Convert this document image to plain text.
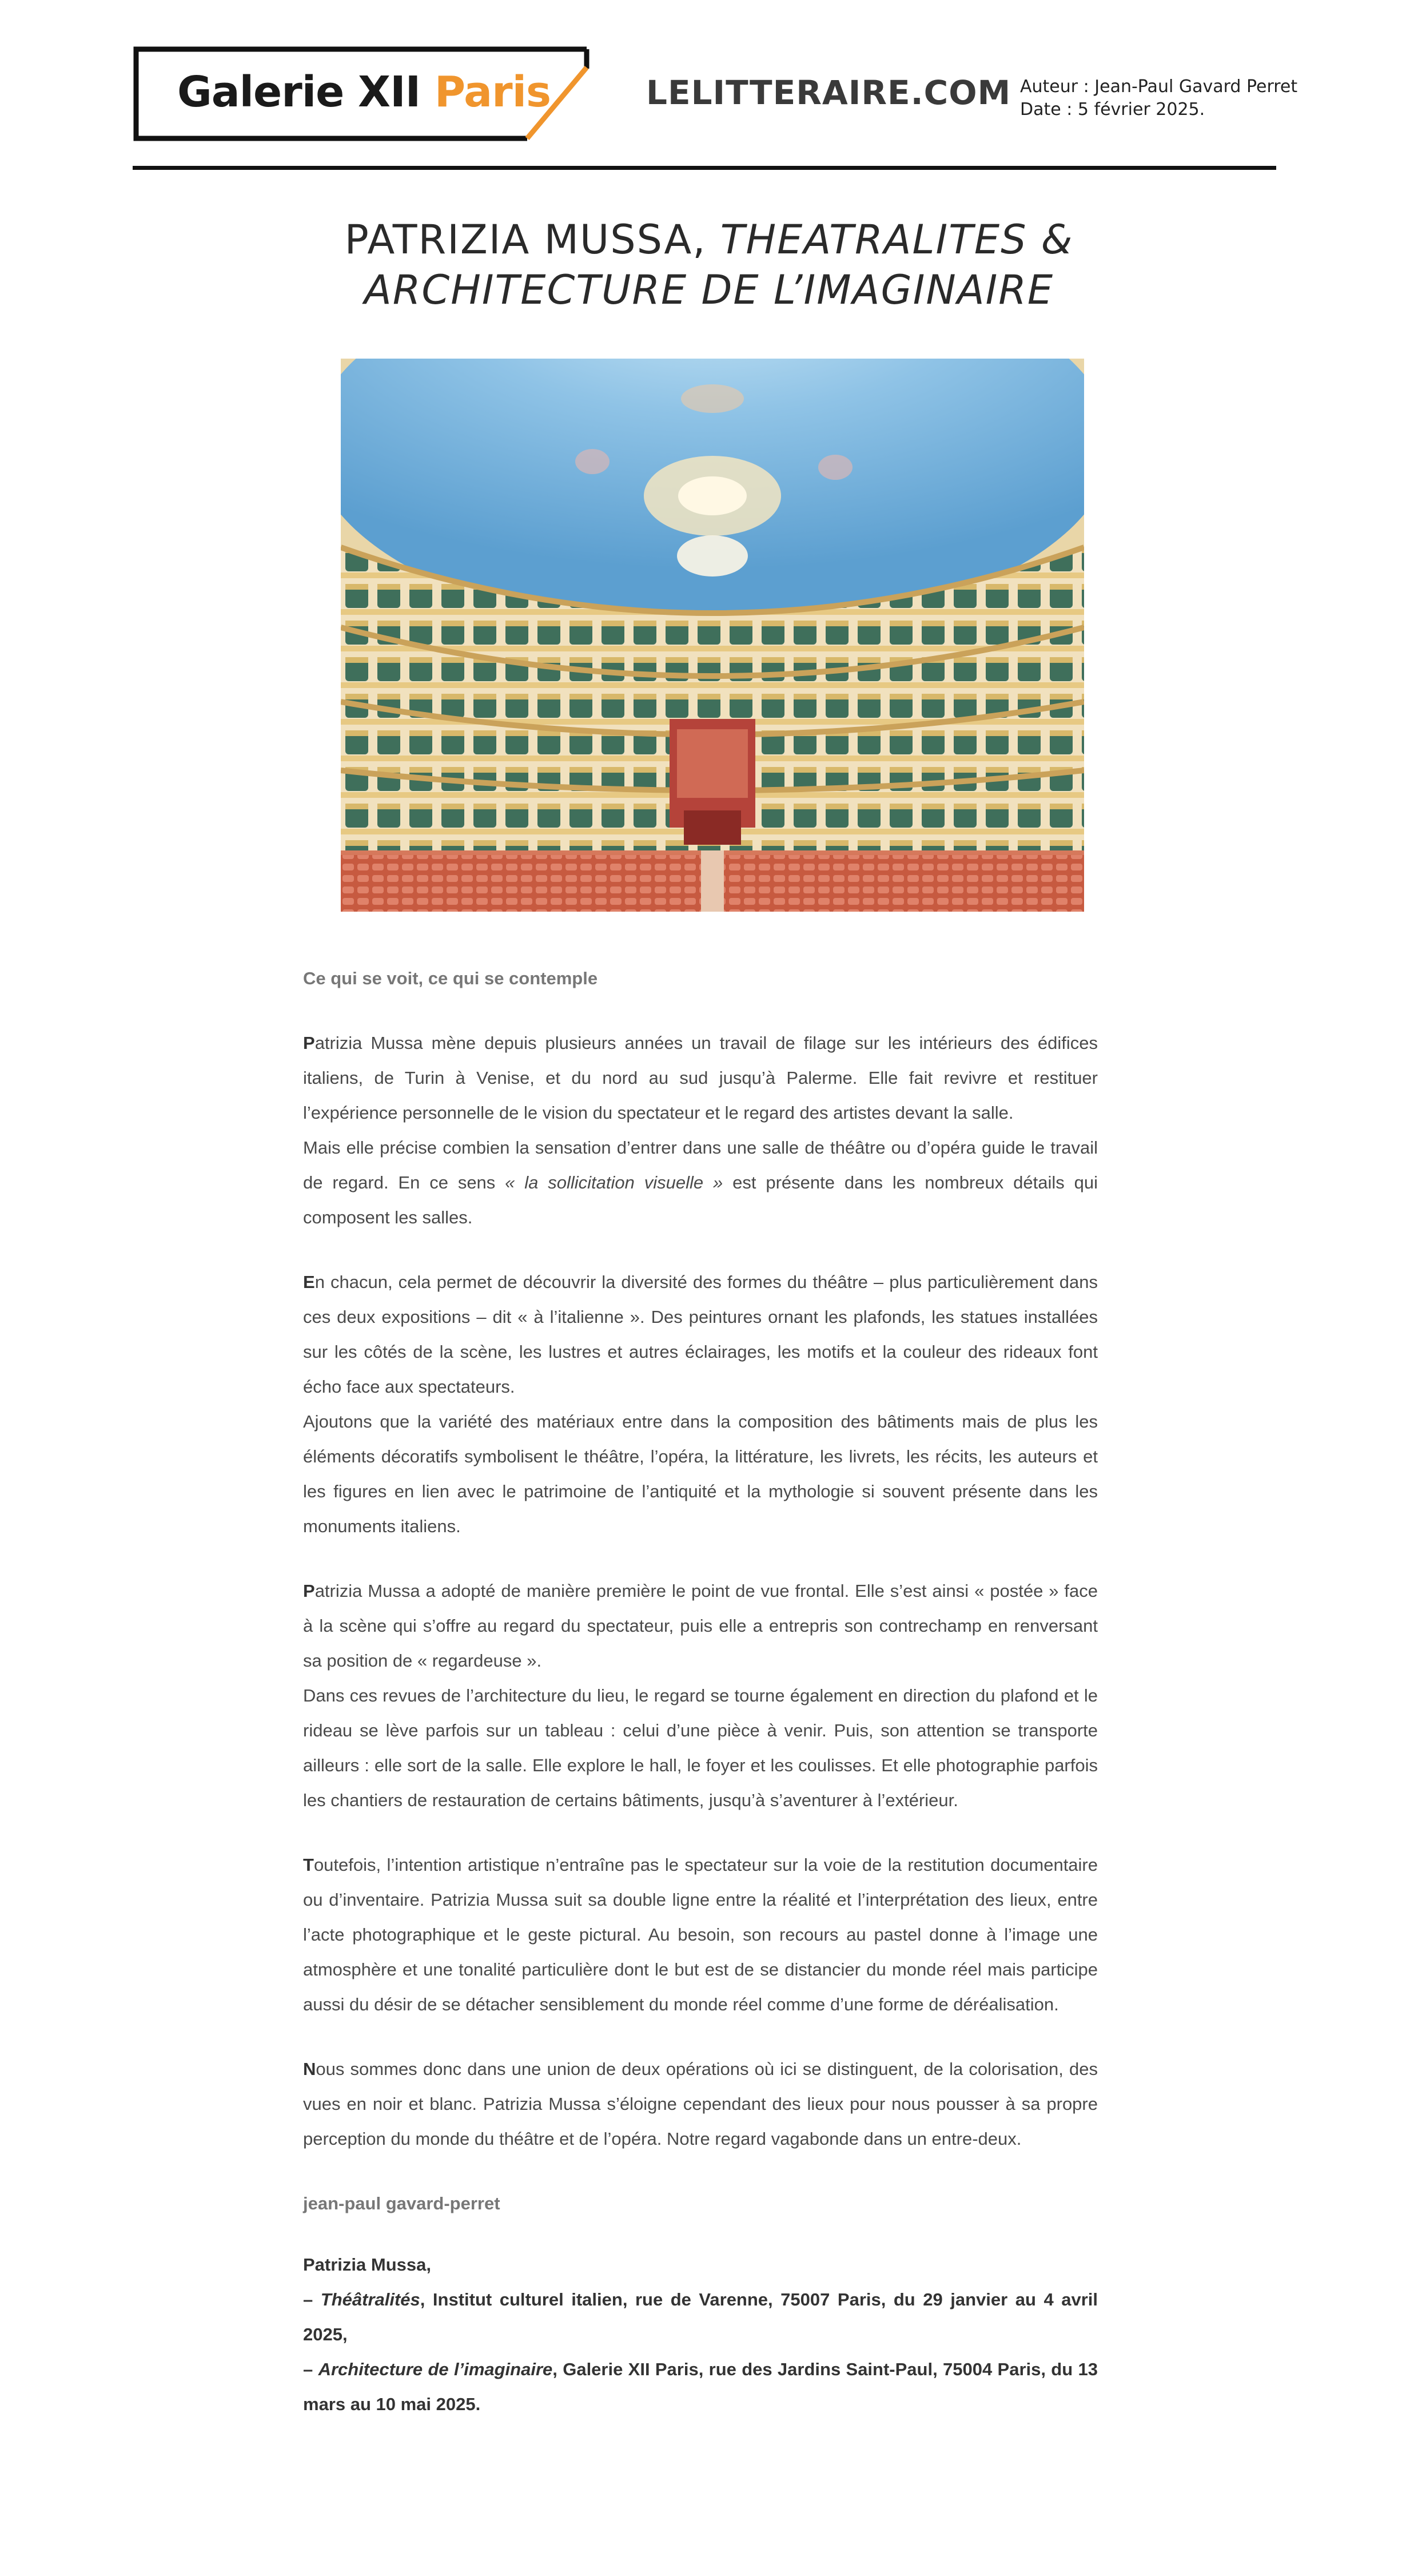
Galerie XII Paris	LELITTERAIRE.COM Auteur : Jean-Paul Gavard Perret
Date : 5 février 2025.
PATRIZIA MUSSA, THEATRALITES &
ARCHITECTURE DE L’IMAGINAIRE

Ce qui se voit, ce qui se contemple

Patrizia Mussa mène depuis plusieurs années un travail de filage sur les intérieurs des édifices italiens, de Turin à Venise, et du nord au sud jusqu’à Palerme. Elle fait revivre et restituer l’expérience personnelle de le vision du spectateur et le regard des artistes devant la salle.

Mais elle précise combien la sensation d’entrer dans une salle de théâtre ou d’opéra guide le travail de regard. En ce sens « la sollicitation visuelle » est présente dans les nombreux détails qui composent les salles.

En chacun, cela permet de découvrir la diversité des formes du théâtre – plus particulièrement dans ces deux expositions – dit « à l’italienne ». Des peintures ornant les plafonds, les statues installées sur les côtés de la scène, les lustres et autres éclairages, les motifs et la couleur des rideaux font écho face aux spectateurs.

Ajoutons que la variété des matériaux entre dans la composition des bâtiments mais de plus les éléments décoratifs symbolisent le théâtre, l’opéra, la littérature, les livrets, les récits, les auteurs et les figures en lien avec le patrimoine de l’antiquité et la mythologie si souvent présente dans les monuments italiens.

Patrizia Mussa a adopté de manière première le point de vue frontal. Elle s’est ainsi « postée » face à la scène qui s’offre au regard du spectateur, puis elle a entrepris son contrechamp en renversant sa position de « regardeuse ».

Dans ces revues de l’architecture du lieu, le regard se tourne également en direction du plafond et le rideau se lève parfois sur un tableau : celui d’une pièce à venir. Puis, son attention se transporte ailleurs : elle sort de la salle. Elle explore le hall, le foyer et les coulisses. Et elle photographie parfois les chantiers de restauration de certains bâtiments, jusqu’à s’aventurer à l’extérieur.

Toutefois, l’intention artistique n’entraîne pas le spectateur sur la voie de la restitution documentaire ou d’inventaire. Patrizia Mussa suit sa double ligne entre la réalité et l’interprétation des lieux, entre l’acte photographique et le geste pictural. Au besoin, son recours au pastel donne à l’image une atmosphère et une tonalité particulière dont le but est de se distancier du monde réel mais participe aussi du désir de se détacher sensiblement du monde réel comme d’une forme de déréalisation.

Nous sommes donc dans une union de deux opérations où ici se distinguent, de la colorisation, des vues en noir et blanc. Patrizia Mussa s’éloigne cependant des lieux pour nous pousser à sa propre perception du monde du théâtre et de l’opéra. Notre regard vagabonde dans un entre-deux.

jean-paul gavard-perret

Patrizia Mussa,

– Théâtralités, Institut culturel italien, rue de Varenne, 75007 Paris, du 29 janvier au 4 avril 2025,

– Architecture de l’imaginaire, Galerie XII Paris, rue des Jardins Saint-Paul, 75004 Paris, du 13 mars au 10 mai 2025.
